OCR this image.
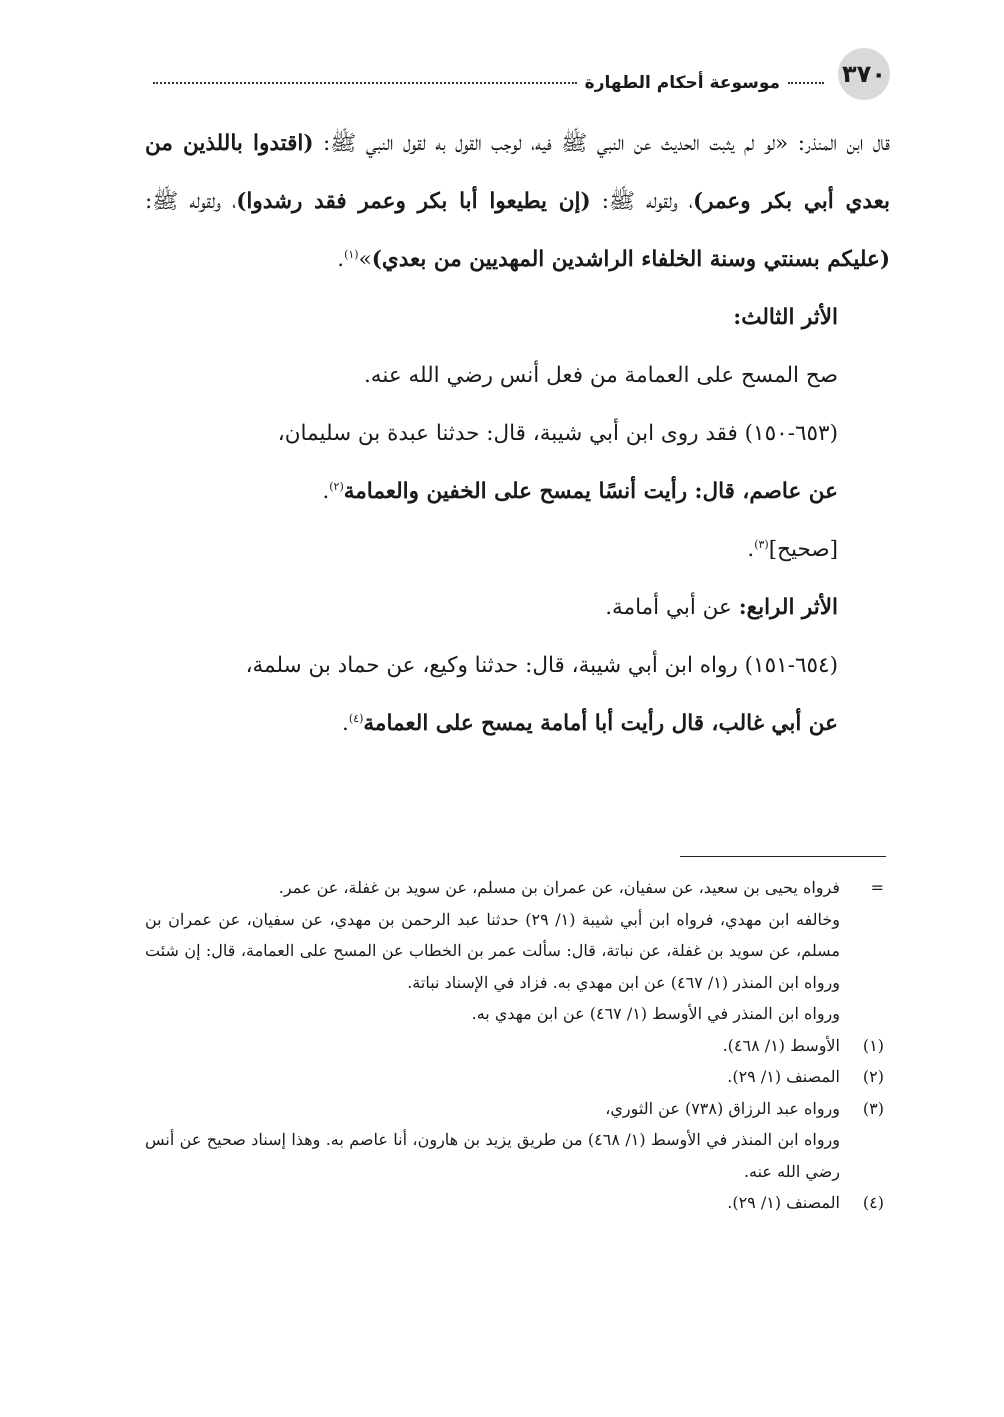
٣٧٠
موسوعة أحكام الطهارة

قال ابن المنذر: «لو لم يثبت الحديث عن النبي ﷺ فيه، لوجب القول به لقول النبي ﷺ: (اقتدوا باللذين من بعدي أبي بكر وعمر)، ولقوله ﷺ: (إن يطيعوا أبا بكر وعمر فقد رشدوا)، ولقوله ﷺ: (عليكم بسنتي وسنة الخلفاء الراشدين المهديين من بعدي)»$^{(١)}$.

الأثر الثالث:

صح المسح على العمامة من فعل أنس رضي الله عنه.

(٦٥٣-١٥٠) فقد روى ابن أبي شيبة، قال: حدثنا عبدة بن سليمان،

عن عاصم، قال: رأيت أنسًا يمسح على الخفين والعمامة$^{(٢)}$.

[صحيح]$^{(٣)}$.

الأثر الرابع: عن أبي أمامة.

(٦٥٤-١٥١) رواه ابن أبي شيبة، قال: حدثنا وكيع، عن حماد بن سلمة،

عن أبي غالب، قال رأيت أبا أمامة يمسح على العمامة$^{(٤)}$.

=

فرواه يحيى بن سعيد، عن سفيان، عن عمران بن مسلم، عن سويد بن غفلة، عن عمر.

وخالفه ابن مهدي، فرواه ابن أبي شيبة (١/ ٢٩) حدثنا عبد الرحمن بن مهدي، عن سفيان، عن عمران بن مسلم، عن سويد بن غفلة، عن نباتة، قال: سألت عمر بن الخطاب عن المسح على العمامة، قال: إن شئت ورواه ابن المنذر (١/ ٤٦٧) عن ابن مهدي به. فزاد في الإسناد نباتة.

ورواه ابن المنذر في الأوسط (١/ ٤٦٧) عن ابن مهدي به.

(١)

الأوسط (١/ ٤٦٨).

(٢)

المصنف (١/ ٢٩).

(٣)

ورواه عبد الرزاق (٧٣٨) عن الثوري،

ورواه ابن المنذر في الأوسط (١/ ٤٦٨) من طريق يزيد بن هارون، أنا عاصم به. وهذا إسناد صحيح عن أنس رضي الله عنه.

(٤)

المصنف (١/ ٢٩).
